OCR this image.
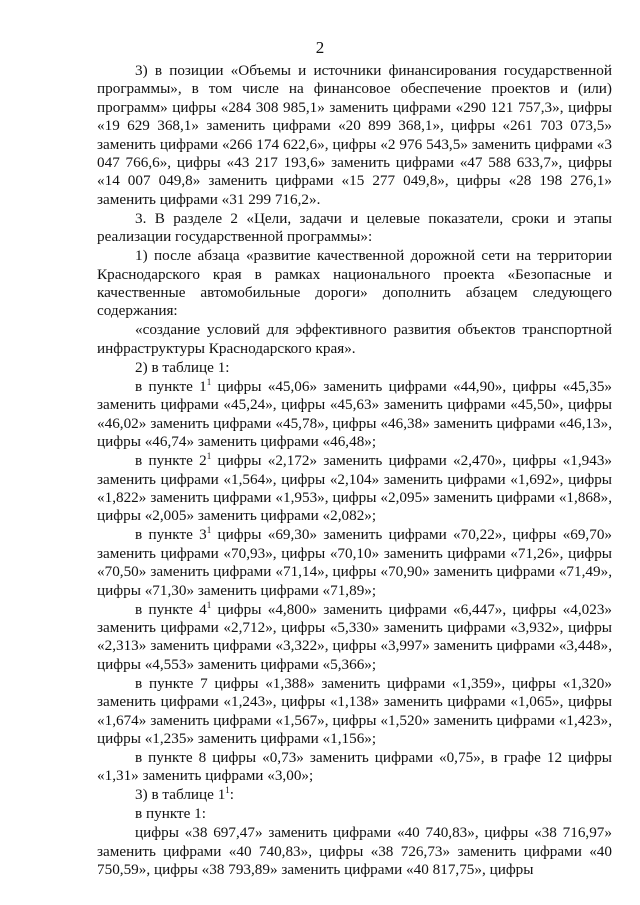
2

3) в позиции «Объемы и источники финансирования государственной программы», в том числе на финансовое обеспечение проектов и (или) программ» цифры «284 308 985,1» заменить цифрами «290 121 757,3», цифры «19 629 368,1» заменить цифрами «20 899 368,1», цифры «261 703 073,5» заменить цифрами «266 174 622,6», цифры «2 976 543,5» заменить цифрами «3 047 766,6», цифры «43 217 193,6» заменить цифрами «47 588 633,7», цифры «14 007 049,8» заменить цифрами «15 277 049,8», цифры «28 198 276,1» заменить цифрами «31 299 716,2».

3. В разделе 2 «Цели, задачи и целевые показатели, сроки и этапы реализации государственной программы»:

1) после абзаца «развитие качественной дорожной сети на территории Краснодарского края в рамках национального проекта «Безопасные и качественные автомобильные дороги» дополнить абзацем следующего содержания:

«создание условий для эффективного развития объектов транспортной инфраструктуры Краснодарского края».

2) в таблице 1:

в пункте $1^1$ цифры «45,06» заменить цифрами «44,90», цифры «45,35» заменить цифрами «45,24», цифры «45,63» заменить цифрами «45,50», цифры «46,02» заменить цифрами «45,78», цифры «46,38» заменить цифрами «46,13», цифры «46,74» заменить цифрами «46,48»;

в пункте $2^1$ цифры «2,172» заменить цифрами «2,470», цифры «1,943» заменить цифрами «1,564», цифры «2,104» заменить цифрами «1,692», цифры «1,822» заменить цифрами «1,953», цифры «2,095» заменить цифрами «1,868», цифры «2,005» заменить цифрами «2,082»;

в пункте $3^1$ цифры «69,30» заменить цифрами «70,22», цифры «69,70» заменить цифрами «70,93», цифры «70,10» заменить цифрами «71,26», цифры «70,50» заменить цифрами «71,14», цифры «70,90» заменить цифрами «71,49», цифры «71,30» заменить цифрами «71,89»;

в пункте $4^1$ цифры «4,800» заменить цифрами «6,447», цифры «4,023» заменить цифрами «2,712», цифры «5,330» заменить цифрами «3,932», цифры «2,313» заменить цифрами «3,322», цифры «3,997» заменить цифрами «3,448», цифры «4,553» заменить цифрами «5,366»;

в пункте 7 цифры «1,388» заменить цифрами «1,359», цифры «1,320» заменить цифрами «1,243», цифры «1,138» заменить цифрами «1,065», цифры «1,674» заменить цифрами «1,567», цифры «1,520» заменить цифрами «1,423», цифры «1,235» заменить цифрами «1,156»;

в пункте 8 цифры «0,73» заменить цифрами «0,75», в графе 12 цифры «1,31» заменить цифрами «3,00»;

3) в таблице $1^1$:

в пункте 1:

цифры «38 697,47» заменить цифрами «40 740,83», цифры «38 716,97» заменить цифрами «40 740,83», цифры «38 726,73» заменить цифрами «40 750,59», цифры «38 793,89» заменить цифрами «40 817,75», цифры
